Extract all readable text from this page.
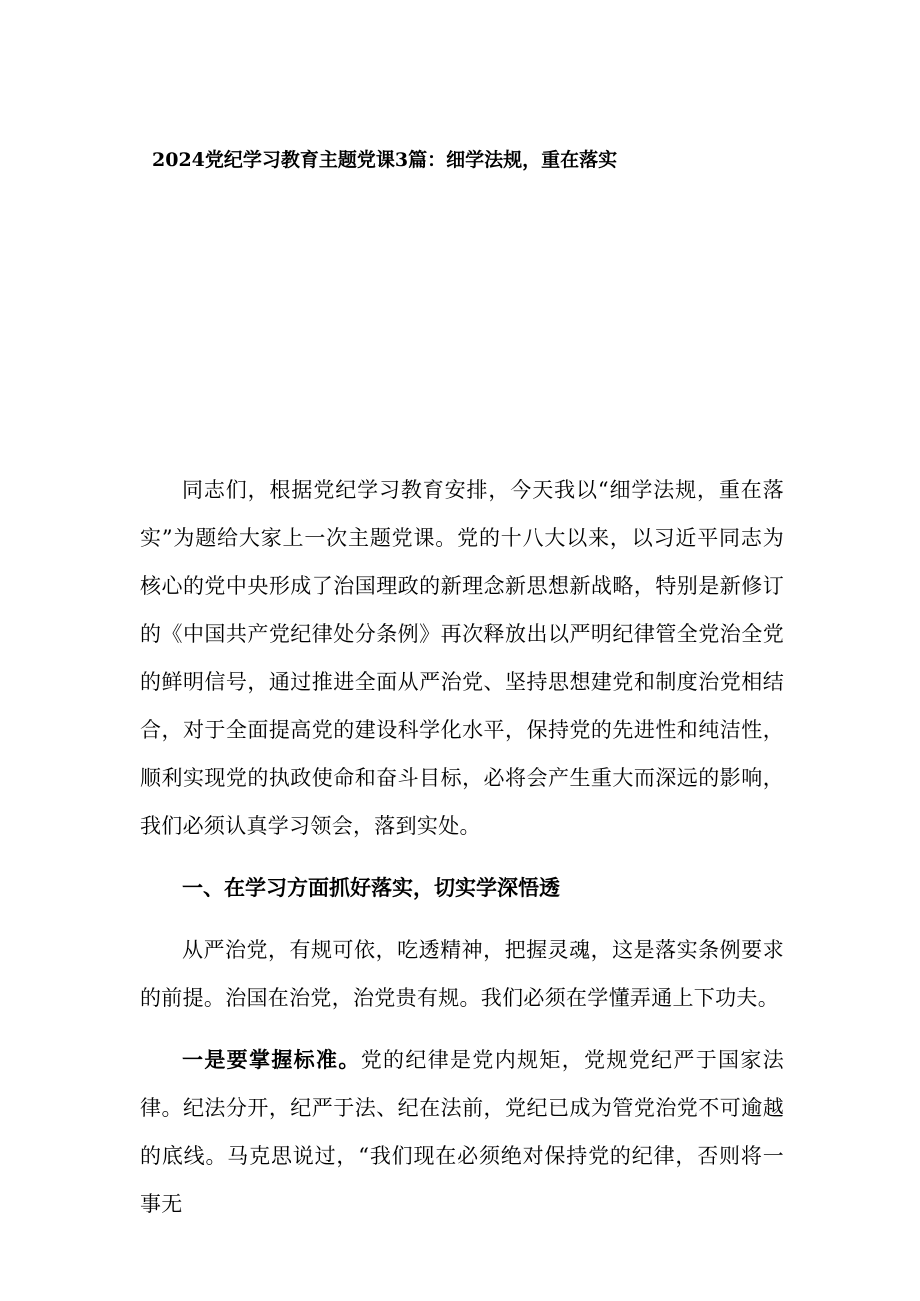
2024党纪学习教育主题党课3篇：细学法规，重在落实

同志们，根据党纪学习教育安排，今天我以“细学法规，重在落实”为题给大家上一次主题党课。党的十八大以来，以习近平同志为核心的党中央形成了治国理政的新理念新思想新战略，特别是新修订的《中国共产党纪律处分条例》再次释放出以严明纪律管全党治全党的鲜明信号，通过推进全面从严治党、坚持思想建党和制度治党相结合，对于全面提高党的建设科学化水平，保持党的先进性和纯洁性，顺利实现党的执政使命和奋斗目标，必将会产生重大而深远的影响，我们必须认真学习领会，落到实处。

一、在学习方面抓好落实，切实学深悟透

从严治党，有规可依，吃透精神，把握灵魂，这是落实条例要求的前提。治国在治党，治党贵有规。我们必须在学懂弄通上下功夫。

一是要掌握标准。党的纪律是党内规矩，党规党纪严于国家法律。纪法分开，纪严于法、纪在法前，党纪已成为管党治党不可逾越的底线。马克思说过，“我们现在必须绝对保持党的纪律，否则将一事无
